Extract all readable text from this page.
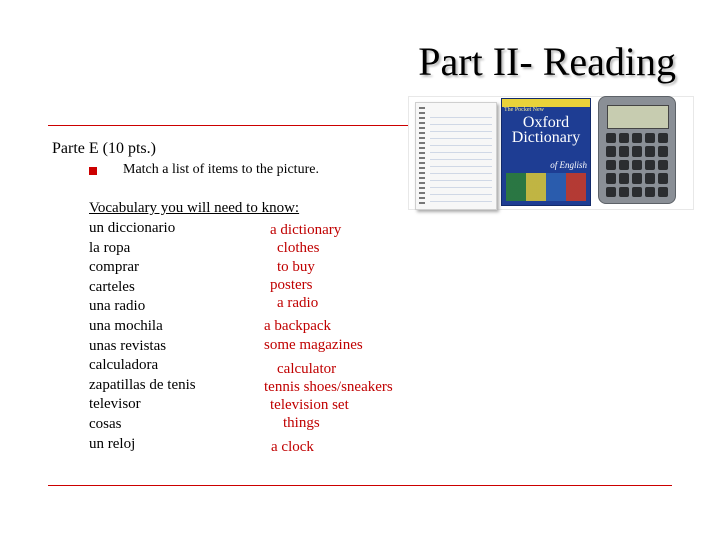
Part II- Reading
The Pocket New
Oxford Dictionary
of English
Parte E (10 pts.)
Match a list of items to the picture.
Vocabulary you will need to know:
un diccionario
la ropa
comprar
carteles
una radio
una mochila
unas revistas
calculadora
zapatillas de tenis
televisor
cosas
un reloj
a dictionary
clothes
to buy
posters
a radio
a backpack
some magazines
calculator
tennis shoes/sneakers
television set
things
a clock
